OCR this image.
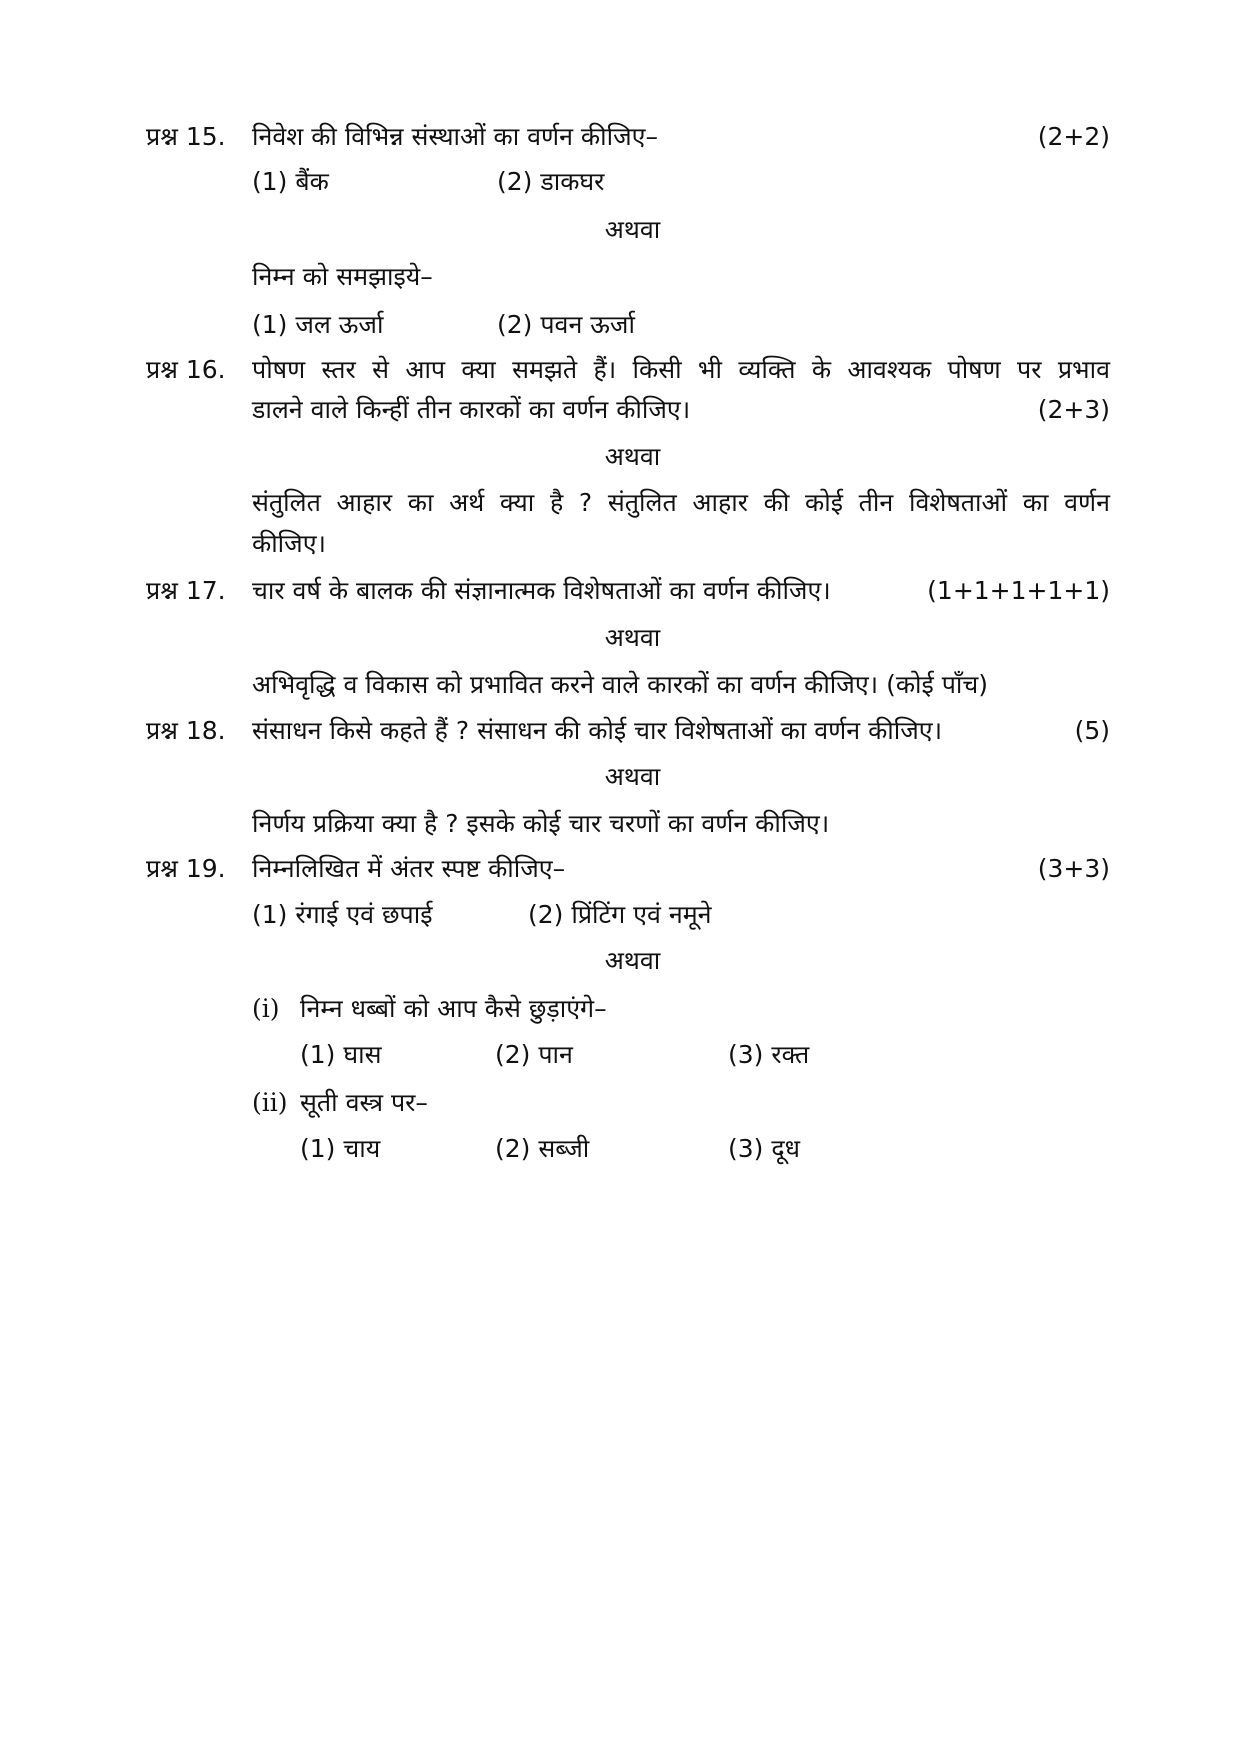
प्रश्न 15. निवेश की विभिन्न संस्थाओं का वर्णन कीजिए–	(2+2)
(1) बैंक	(2) डाकघर
अथवा
निम्न को समझाइये–
(1) जल ऊर्जा	(2) पवन ऊर्जा
प्रश्न 16. पोषण स्तर से आप क्या समझते हैं। किसी भी व्यक्ति के आवश्यक पोषण पर प्रभाव
डालने वाले किन्हीं तीन कारकों का वर्णन कीजिए।	(2+3)
अथवा
संतुलित आहार का अर्थ क्या है ? संतुलित आहार की कोई तीन विशेषताओं का वर्णन
कीजिए।
प्रश्न 17. चार वर्ष के बालक की संज्ञानात्मक विशेषताओं का वर्णन कीजिए।	(1+1+1+1+1)
अथवा
अभिवृद्धि व विकास को प्रभावित करने वाले कारकों का वर्णन कीजिए। (कोई पाँच)
प्रश्न 18. संसाधन किसे कहते हैं ? संसाधन की कोई चार विशेषताओं का वर्णन कीजिए।	(5)
अथवा
निर्णय प्रक्रिया क्या है ? इसके कोई चार चरणों का वर्णन कीजिए।
प्रश्न 19. निम्नलिखित में अंतर स्पष्ट कीजिए–	(3+3)
(1) रंगाई एवं छपाई	(2) प्रिंटिंग एवं नमूने
अथवा
(i) निम्न धब्बों को आप कैसे छुड़ाएंगे–
(1) घास	(2) पान	(3) रक्त
(ii) सूती वस्त्र पर–
(1) चाय	(2) सब्जी	(3) दूध
